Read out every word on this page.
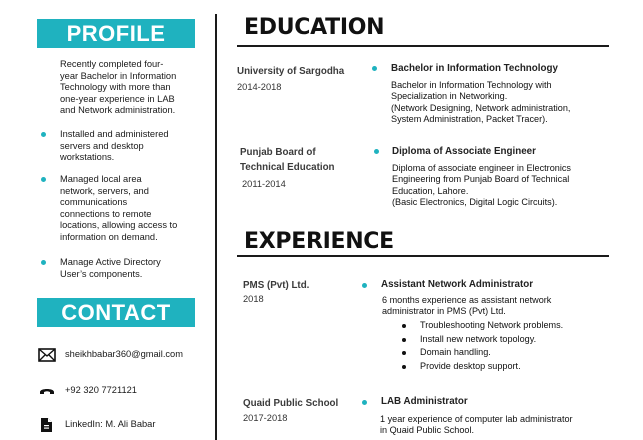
PROFILE
Recently completed four-
year Bachelor in Information
Technology with more than
one-year experience in LAB
and Network administration.
Installed and administered
servers and desktop
workstations.
Managed local area
network, servers, and
communications
connections to remote
locations, allowing access to
information on demand.
Manage Active Directory
User’s components.
CONTACT
sheikhbabar360@gmail.com
+92 320 7721121
LinkedIn: M. Ali Babar
EDUCATION
University of Sargodha
2014-2018
Bachelor in Information Technology
Bachelor in Information Technology with
Specialization in Networking.
(Network Designing, Network administration,
System Administration, Packet Tracer).
Punjab Board of
Technical Education
2011-2014
Diploma of Associate Engineer
Diploma of associate engineer in Electronics
Engineering from Punjab Board of Technical
Education, Lahore.
(Basic Electronics, Digital Logic Circuits).
EXPERIENCE
PMS (Pvt) Ltd.
2018
Assistant Network Administrator
6 months experience as assistant network
administrator in PMS (Pvt) Ltd.
Troubleshooting Network problems.
Install new network topology.
Domain handling.
Provide desktop support.
Quaid Public School
2017-2018
LAB Administrator
1 year experience of computer lab administrator
in Quaid Public School.
